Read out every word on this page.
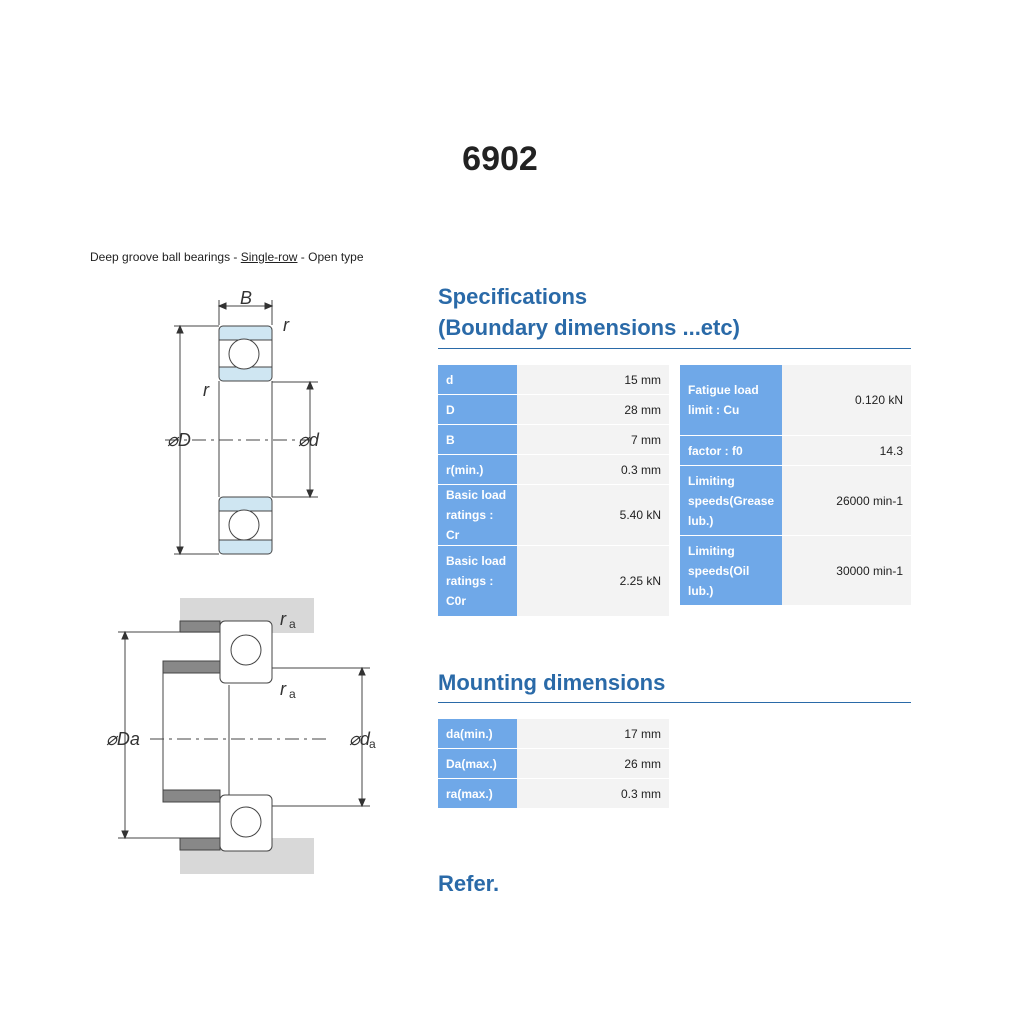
6902
Deep groove ball bearings - Single-row - Open type
B
r
r
⌀D	⌀d
r a
r a
⌀Da	⌀d a
Specifications
(Boundary dimensions ...etc)
d	15 mm
D	28 mm
B	7 mm
r(min.)	0.3 mm
Basic load ratings : Cr	5.40 kN
Basic load ratings : C0r	2.25 kN
Fatigue load limit : Cu	0.120 kN
factor : f0	14.3
Limiting speeds(Grease lub.)	26000 min-1
Limiting speeds(Oil lub.)	30000 min-1
Mounting dimensions
da(min.)	17 mm
Da(max.)	26 mm
ra(max.)	0.3 mm
Refer.
